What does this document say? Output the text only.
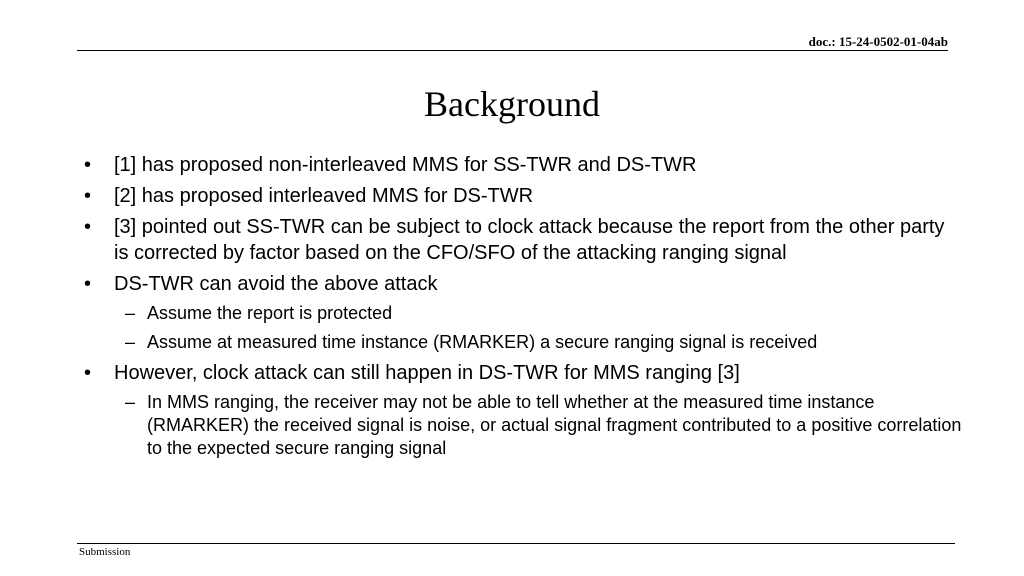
doc.: 15-24-0502-01-04ab
Background
•	[1] has proposed non-interleaved MMS for SS-TWR and DS-TWR
•	[2] has proposed interleaved MMS for DS-TWR
•	[3] pointed out SS-TWR can be subject to clock attack because the report from the other party is corrected by factor based on the CFO/SFO of the attacking ranging signal
•	DS-TWR can avoid the above attack
– Assume the report is protected
– Assume at measured time instance (RMARKER) a secure ranging signal is received
•	However, clock attack can still happen in DS-TWR for MMS ranging [3]
– In MMS ranging, the receiver may not be able to tell whether at the measured time instance (RMARKER) the received signal is noise, or actual signal fragment contributed to a positive correlation to the expected secure ranging signal
Submission
